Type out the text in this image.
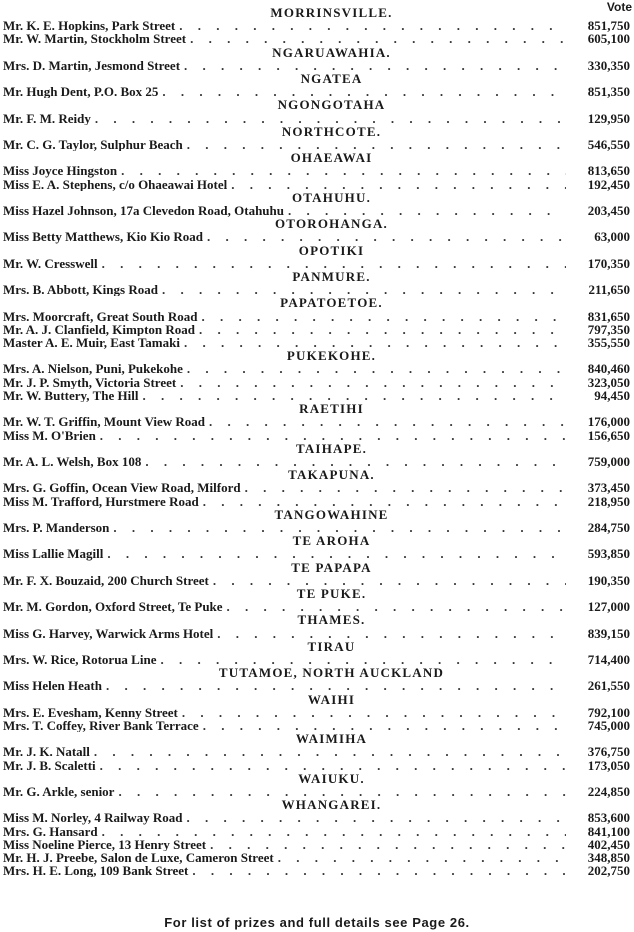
Vote
MORRINSVILLE.
Mr. K. E. Hopkins, Park Street . . .	851,750
Mr. W. Martin, Stockholm Street . . .	605,100
NGARUAWAHIA.
Mrs. D. Martin, Jesmond Street . . .	330,350
NGATEA
Mr. Hugh Dent, P.O. Box 25 . . .	851,350
NGONGOTAHA
Mr. F. M. Reidy . . .	129,950
NORTHCOTE.
Mr. C. G. Taylor, Sulphur Beach . . .	546,550
OHAEAWAI
Miss Joyce Hingston . . .	813,650
Miss E. A. Stephens, c/o Ohaeawai Hotel . . .	192,450
OTAHUHU.
Miss Hazel Johnson, 17a Clevedon Road, Otahuhu . . .	203,450
OTOROHANGA.
Miss Betty Matthews, Kio Kio Road . . .	63,000
OPOTIKI
Mr. W. Cresswell . . .	170,350
PANMURE.
Mrs. B. Abbott, Kings Road . . .	211,650
PAPATOETOE.
Mrs. Moorcraft, Great South Road . . .	831,650
Mr. A. J. Clanfield, Kimpton Road . . .	797,350
Master A. E. Muir, East Tamaki . . .	355,550
PUKEKOHE.
Mrs. A. Nielson, Puni, Pukekohe . . .	840,460
Mr. J. P. Smyth, Victoria Street . . .	323,050
Mr. W. Buttery, The Hill . . .	94,450
RAETIHI
Mr. W. T. Griffin, Mount View Road . . .	176,000
Miss M. O'Brien . . .	156,650
TAIHAPE.
Mr. A. L. Welsh, Box 108 . . .	759,000
TAKAPUNA.
Mrs. G. Goffin, Ocean View Road, Milford . . .	373,450
Miss M. Trafford, Hurstmere Road . . .	218,950
TANGOWAHINE
Mrs. P. Manderson . . .	284,750
TE AROHA
Miss Lallie Magill . . .	593,850
TE PAPAPA
Mr. F. X. Bouzaid, 200 Church Street . . .	190,350
TE PUKE.
Mr. M. Gordon, Oxford Street, Te Puke . . .	127,000
THAMES.
Miss G. Harvey, Warwick Arms Hotel . . .	839,150
TIRAU
Mrs. W. Rice, Rotorua Line . . .	714,400
TUTAMOE, NORTH AUCKLAND
Miss Helen Heath . . .	261,550
WAIHI
Mrs. E. Evesham, Kenny Street . . .	792,100
Mrs. T. Coffey, River Bank Terrace . . .	745,000
WAIMIHA
Mr. J. K. Natall . . .	376,750
Mr. J. B. Scaletti . . .	173,050
WAIUKU.
Mr. G. Arkle, senior . . .	224,850
WHANGAREI.
Miss M. Norley, 4 Railway Road . . .	853,600
Mrs. G. Hansard . . .	841,100
Miss Noeline Pierce, 13 Henry Street . . .	402,450
Mr. H. J. Preebe, Salon de Luxe, Cameron Street . . .	348,850
Mrs. H. E. Long, 109 Bank Street . . .	202,750
For list of prizes and full details see Page 26.
